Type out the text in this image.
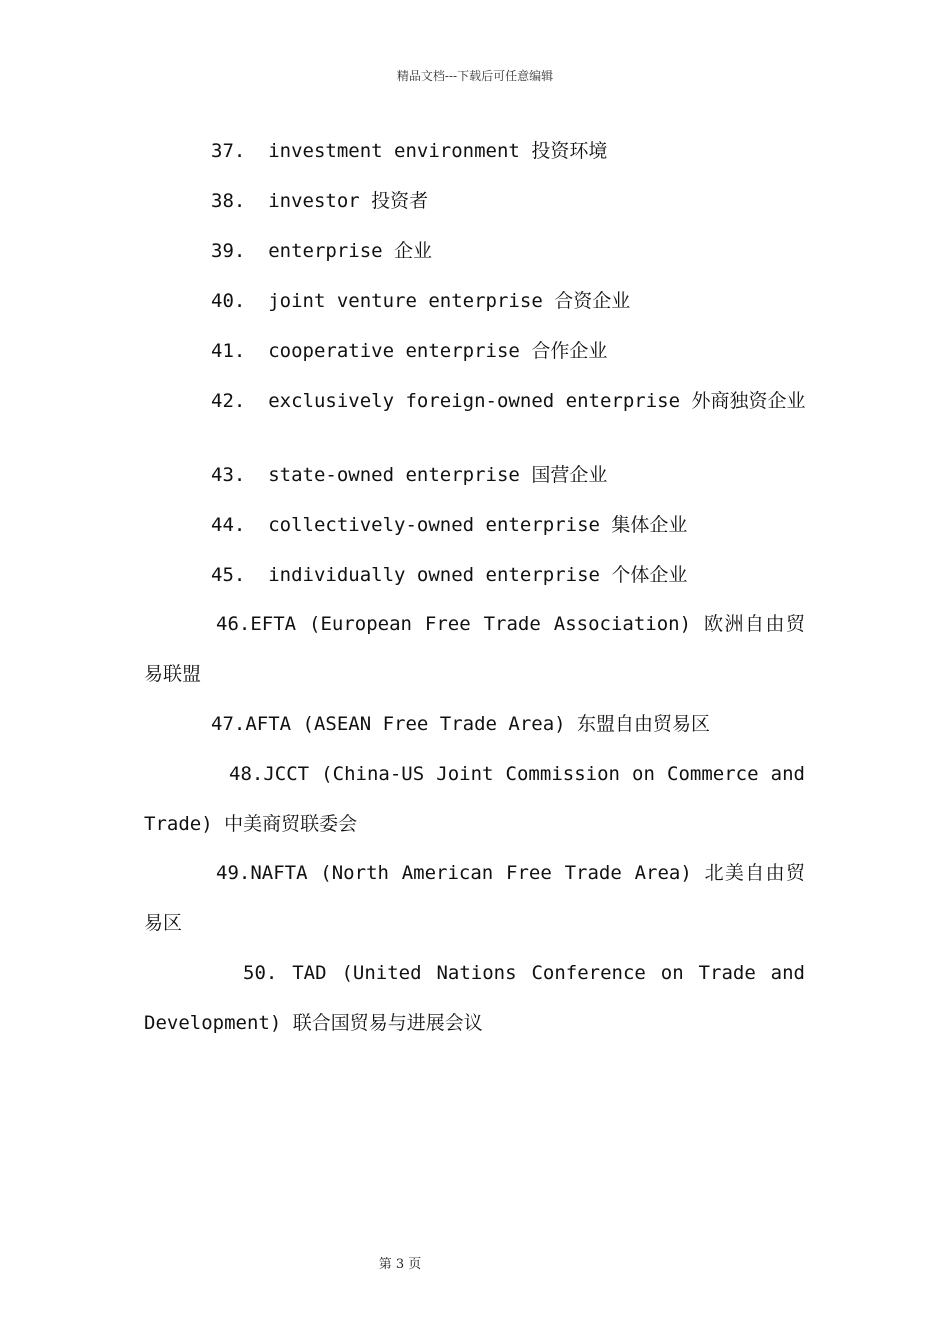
精品文档---下载后可任意编辑
37. investment environment 投资环境
38. investor 投资者
39. enterprise 企业
40. joint venture enterprise 合资企业
41. cooperative enterprise 合作企业
42. exclusively foreign-owned enterprise 外商独资企业
43. state-owned enterprise 国营企业
44. collectively-owned enterprise 集体企业
45. individually owned enterprise 个体企业
46.EFTA (European Free Trade Association) 欧洲自由贸
易联盟
47.AFTA (ASEAN Free Trade Area) 东盟自由贸易区
48.JCCT (China-US Joint Commission on Commerce and
Trade) 中美商贸联委会
49.NAFTA (North American Free Trade Area) 北美自由贸
易区
50. TAD (United Nations Conference on Trade and
Development) 联合国贸易与进展会议
第 3 页
